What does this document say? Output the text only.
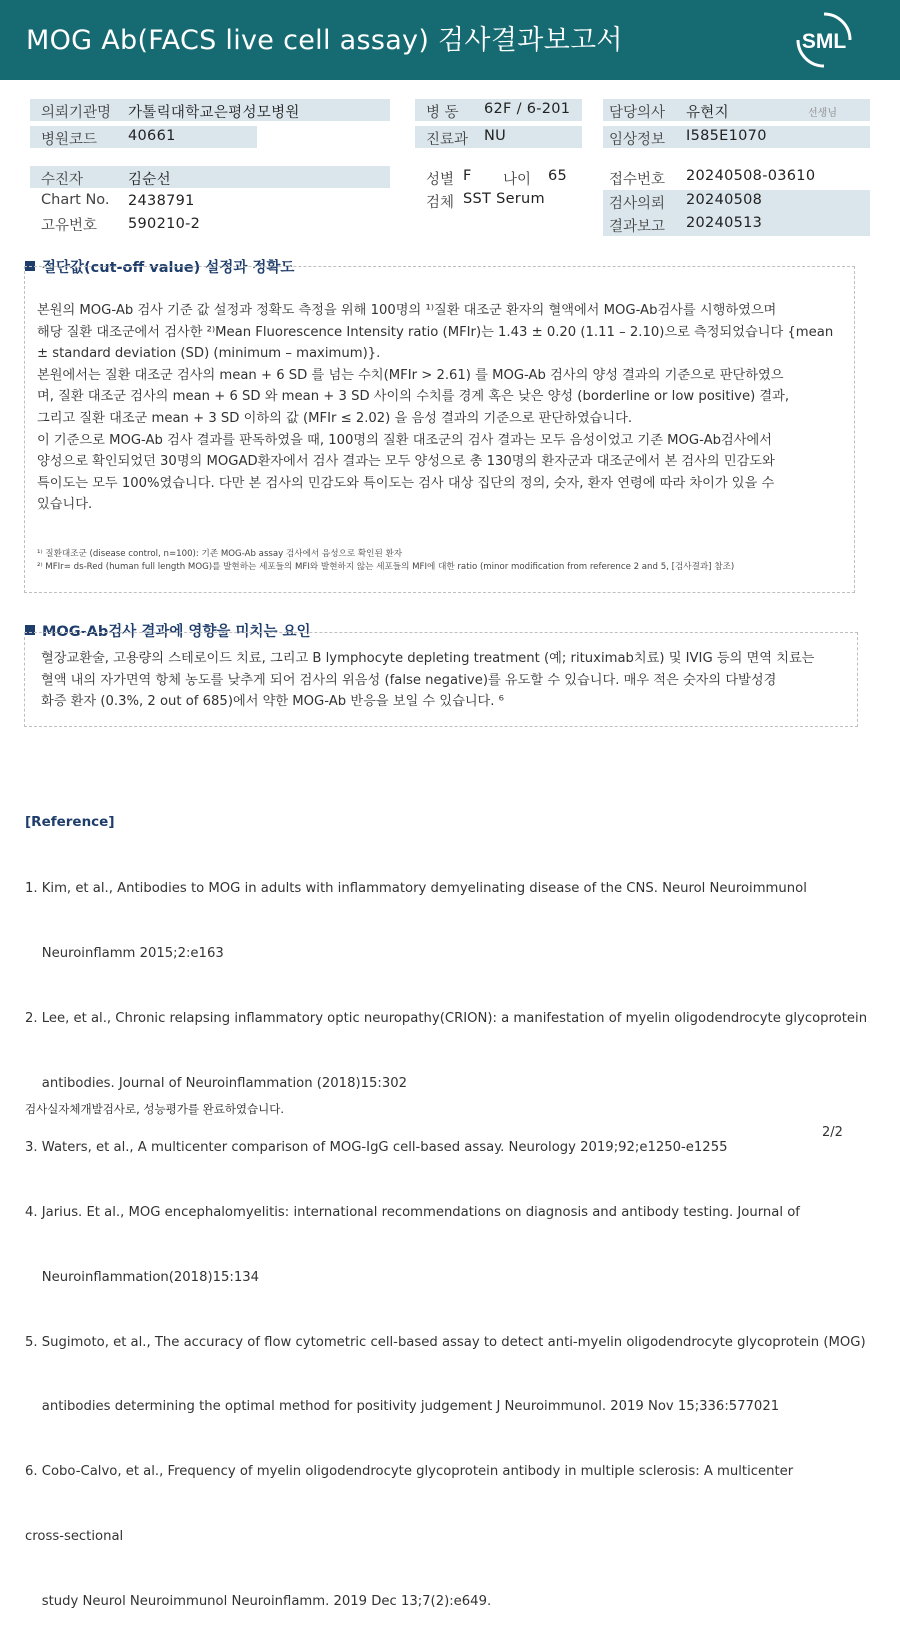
MOG Ab(FACS live cell assay) 검사결과보고서	SML
의뢰기관명 가톨릭대학교은평성모병원
병원코드 40661
병 동 62F / 6-201
진료과 NU
담당의사 유현지	선생님
임상정보 I585E1070
수진자	김순선
Chart No. 2438791
고유번호 590210-2
성별 F 나이 65
검체 SST Serum
접수번호 20240508-03610
검사의뢰 20240508
결과보고 20240513
절단값(cut-off value) 설정과 정확도
본원의 MOG-Ab 검사 기준 값 설정과 정확도 측정을 위해 100명의 ¹⁾질환 대조군 환자의 혈액에서 MOG-Ab검사를 시행하였으며
해당 질환 대조군에서 검사한 ²⁾Mean Fluorescence Intensity ratio (MFIr)는 1.43 ± 0.20 (1.11 – 2.10)으로 측정되었습니다 {mean
± standard deviation (SD) (minimum – maximum)}.
본원에서는 질환 대조군 검사의 mean + 6 SD 를 넘는 수치(MFIr > 2.61) 를 MOG-Ab 검사의 양성 결과의 기준으로 판단하였으
며, 질환 대조군 검사의 mean + 6 SD 와 mean + 3 SD 사이의 수치를 경계 혹은 낮은 양성 (borderline or low positive) 결과,
그리고 질환 대조군 mean + 3 SD 이하의 값 (MFIr ≤ 2.02) 을 음성 결과의 기준으로 판단하였습니다.
이 기준으로 MOG-Ab 검사 결과를 판독하였을 때, 100명의 질환 대조군의 검사 결과는 모두 음성이었고 기존 MOG-Ab검사에서
양성으로 확인되었던 30명의 MOGAD환자에서 검사 결과는 모두 양성으로 총 130명의 환자군과 대조군에서 본 검사의 민감도와
특이도는 모두 100%였습니다. 다만 본 검사의 민감도와 특이도는 검사 대상 집단의 정의, 숫자, 환자 연령에 따라 차이가 있을 수
있습니다.
¹⁾ 질환대조군 (disease control, n=100): 기존 MOG-Ab assay 검사에서 음성으로 확인된 환자
²⁾ MFIr= ds-Red (human full length MOG)를 발현하는 세포들의 MFI와 발현하지 않는 세포들의 MFI에 대한 ratio (minor modification from reference 2 and 5, [검사결과] 참조)
MOG-Ab검사 결과에 영향을 미치는 요인
혈장교환술, 고용량의 스테로이드 치료, 그리고 B lymphocyte depleting treatment (예; rituximab치료) 및 IVIG 등의 면역 치료는
혈액 내의 자가면역 항체 농도를 낮추게 되어 검사의 위음성 (false negative)를 유도할 수 있습니다. 매우 적은 숫자의 다발성경
화증 환자 (0.3%, 2 out of 685)에서 약한 MOG-Ab 반응을 보일 수 있습니다. ⁶
[Reference]

1. Kim, et al., Antibodies to MOG in adults with inflammatory demyelinating disease of the CNS. Neurol Neuroimmunol

Neuroinflamm 2015;2:e163

2. Lee, et al., Chronic relapsing inflammatory optic neuropathy(CRION): a manifestation of myelin oligodendrocyte glycoprotein

antibodies. Journal of Neuroinflammation (2018)15:302

3. Waters, et al., A multicenter comparison of MOG-IgG cell-based assay. Neurology 2019;92;e1250-e1255

4. Jarius. Et al., MOG encephalomyelitis: international recommendations on diagnosis and antibody testing. Journal of

Neuroinflammation(2018)15:134

5. Sugimoto, et al., The accuracy of flow cytometric cell-based assay to detect anti-myelin oligodendrocyte glycoprotein (MOG)

antibodies determining the optimal method for positivity judgement J Neuroimmunol. 2019 Nov 15;336:577021

6. Cobo-Calvo, et al., Frequency of myelin oligodendrocyte glycoprotein antibody in multiple sclerosis: A multicenter

cross-sectional

study Neurol Neuroimmunol Neuroinflamm. 2019 Dec 13;7(2):e649.

검사실자체개발검사로, 성능평가를 완료하였습니다.
2/2
